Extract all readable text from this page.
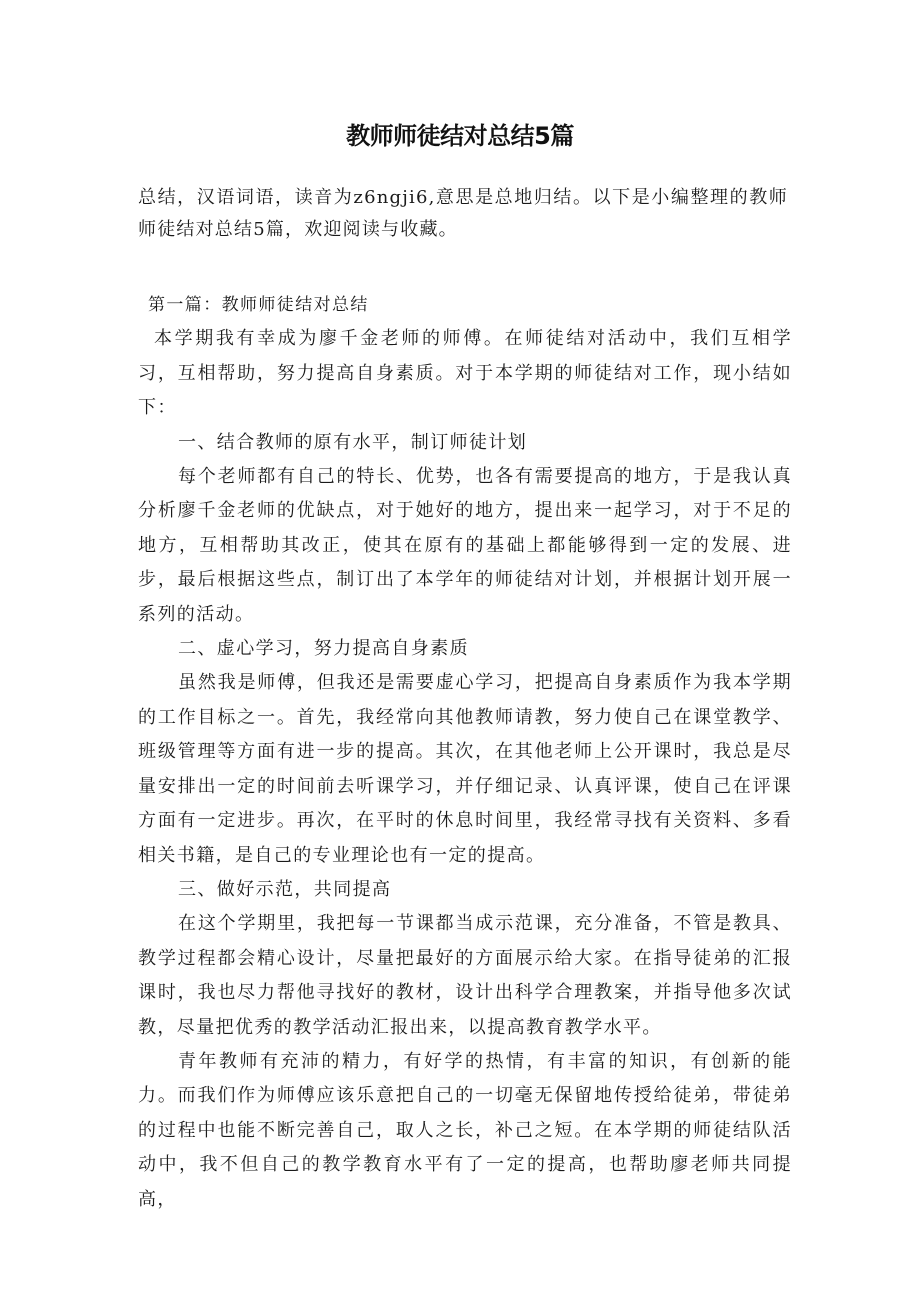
教师师徒结对总结5篇
总结，汉语词语，读音为z6ngji6,意思是总地归结。以下是小编整理的教师师徒结对总结5篇，欢迎阅读与收藏。

第一篇：教师师徒结对总结

本学期我有幸成为廖千金老师的师傅。在师徒结对活动中，我们互相学习，互相帮助，努力提高自身素质。对于本学期的师徒结对工作，现小结如下：

一、结合教师的原有水平，制订师徒计划

每个老师都有自己的特长、优势，也各有需要提高的地方，于是我认真分析廖千金老师的优缺点，对于她好的地方，提出来一起学习，对于不足的地方，互相帮助其改正，使其在原有的基础上都能够得到一定的发展、进步，最后根据这些点，制订出了本学年的师徒结对计划，并根据计划开展一系列的活动。

二、虚心学习，努力提高自身素质

虽然我是师傅，但我还是需要虚心学习，把提高自身素质作为我本学期的工作目标之一。首先，我经常向其他教师请教，努力使自己在课堂教学、班级管理等方面有进一步的提高。其次，在其他老师上公开课时，我总是尽量安排出一定的时间前去听课学习，并仔细记录、认真评课，使自己在评课方面有一定进步。再次，在平时的休息时间里，我经常寻找有关资料、多看相关书籍，是自己的专业理论也有一定的提高。

三、做好示范，共同提高

在这个学期里，我把每一节课都当成示范课，充分准备，不管是教具、教学过程都会精心设计，尽量把最好的方面展示给大家。在指导徒弟的汇报课时，我也尽力帮他寻找好的教材，设计出科学合理教案，并指导他多次试教，尽量把优秀的教学活动汇报出来，以提高教育教学水平。

青年教师有充沛的精力，有好学的热情，有丰富的知识，有创新的能力。而我们作为师傅应该乐意把自己的一切毫无保留地传授给徒弟，带徒弟的过程中也能不断完善自己，取人之长，补己之短。在本学期的师徒结队活动中，我不但自己的教学教育水平有了一定的提高，也帮助廖老师共同提高，
